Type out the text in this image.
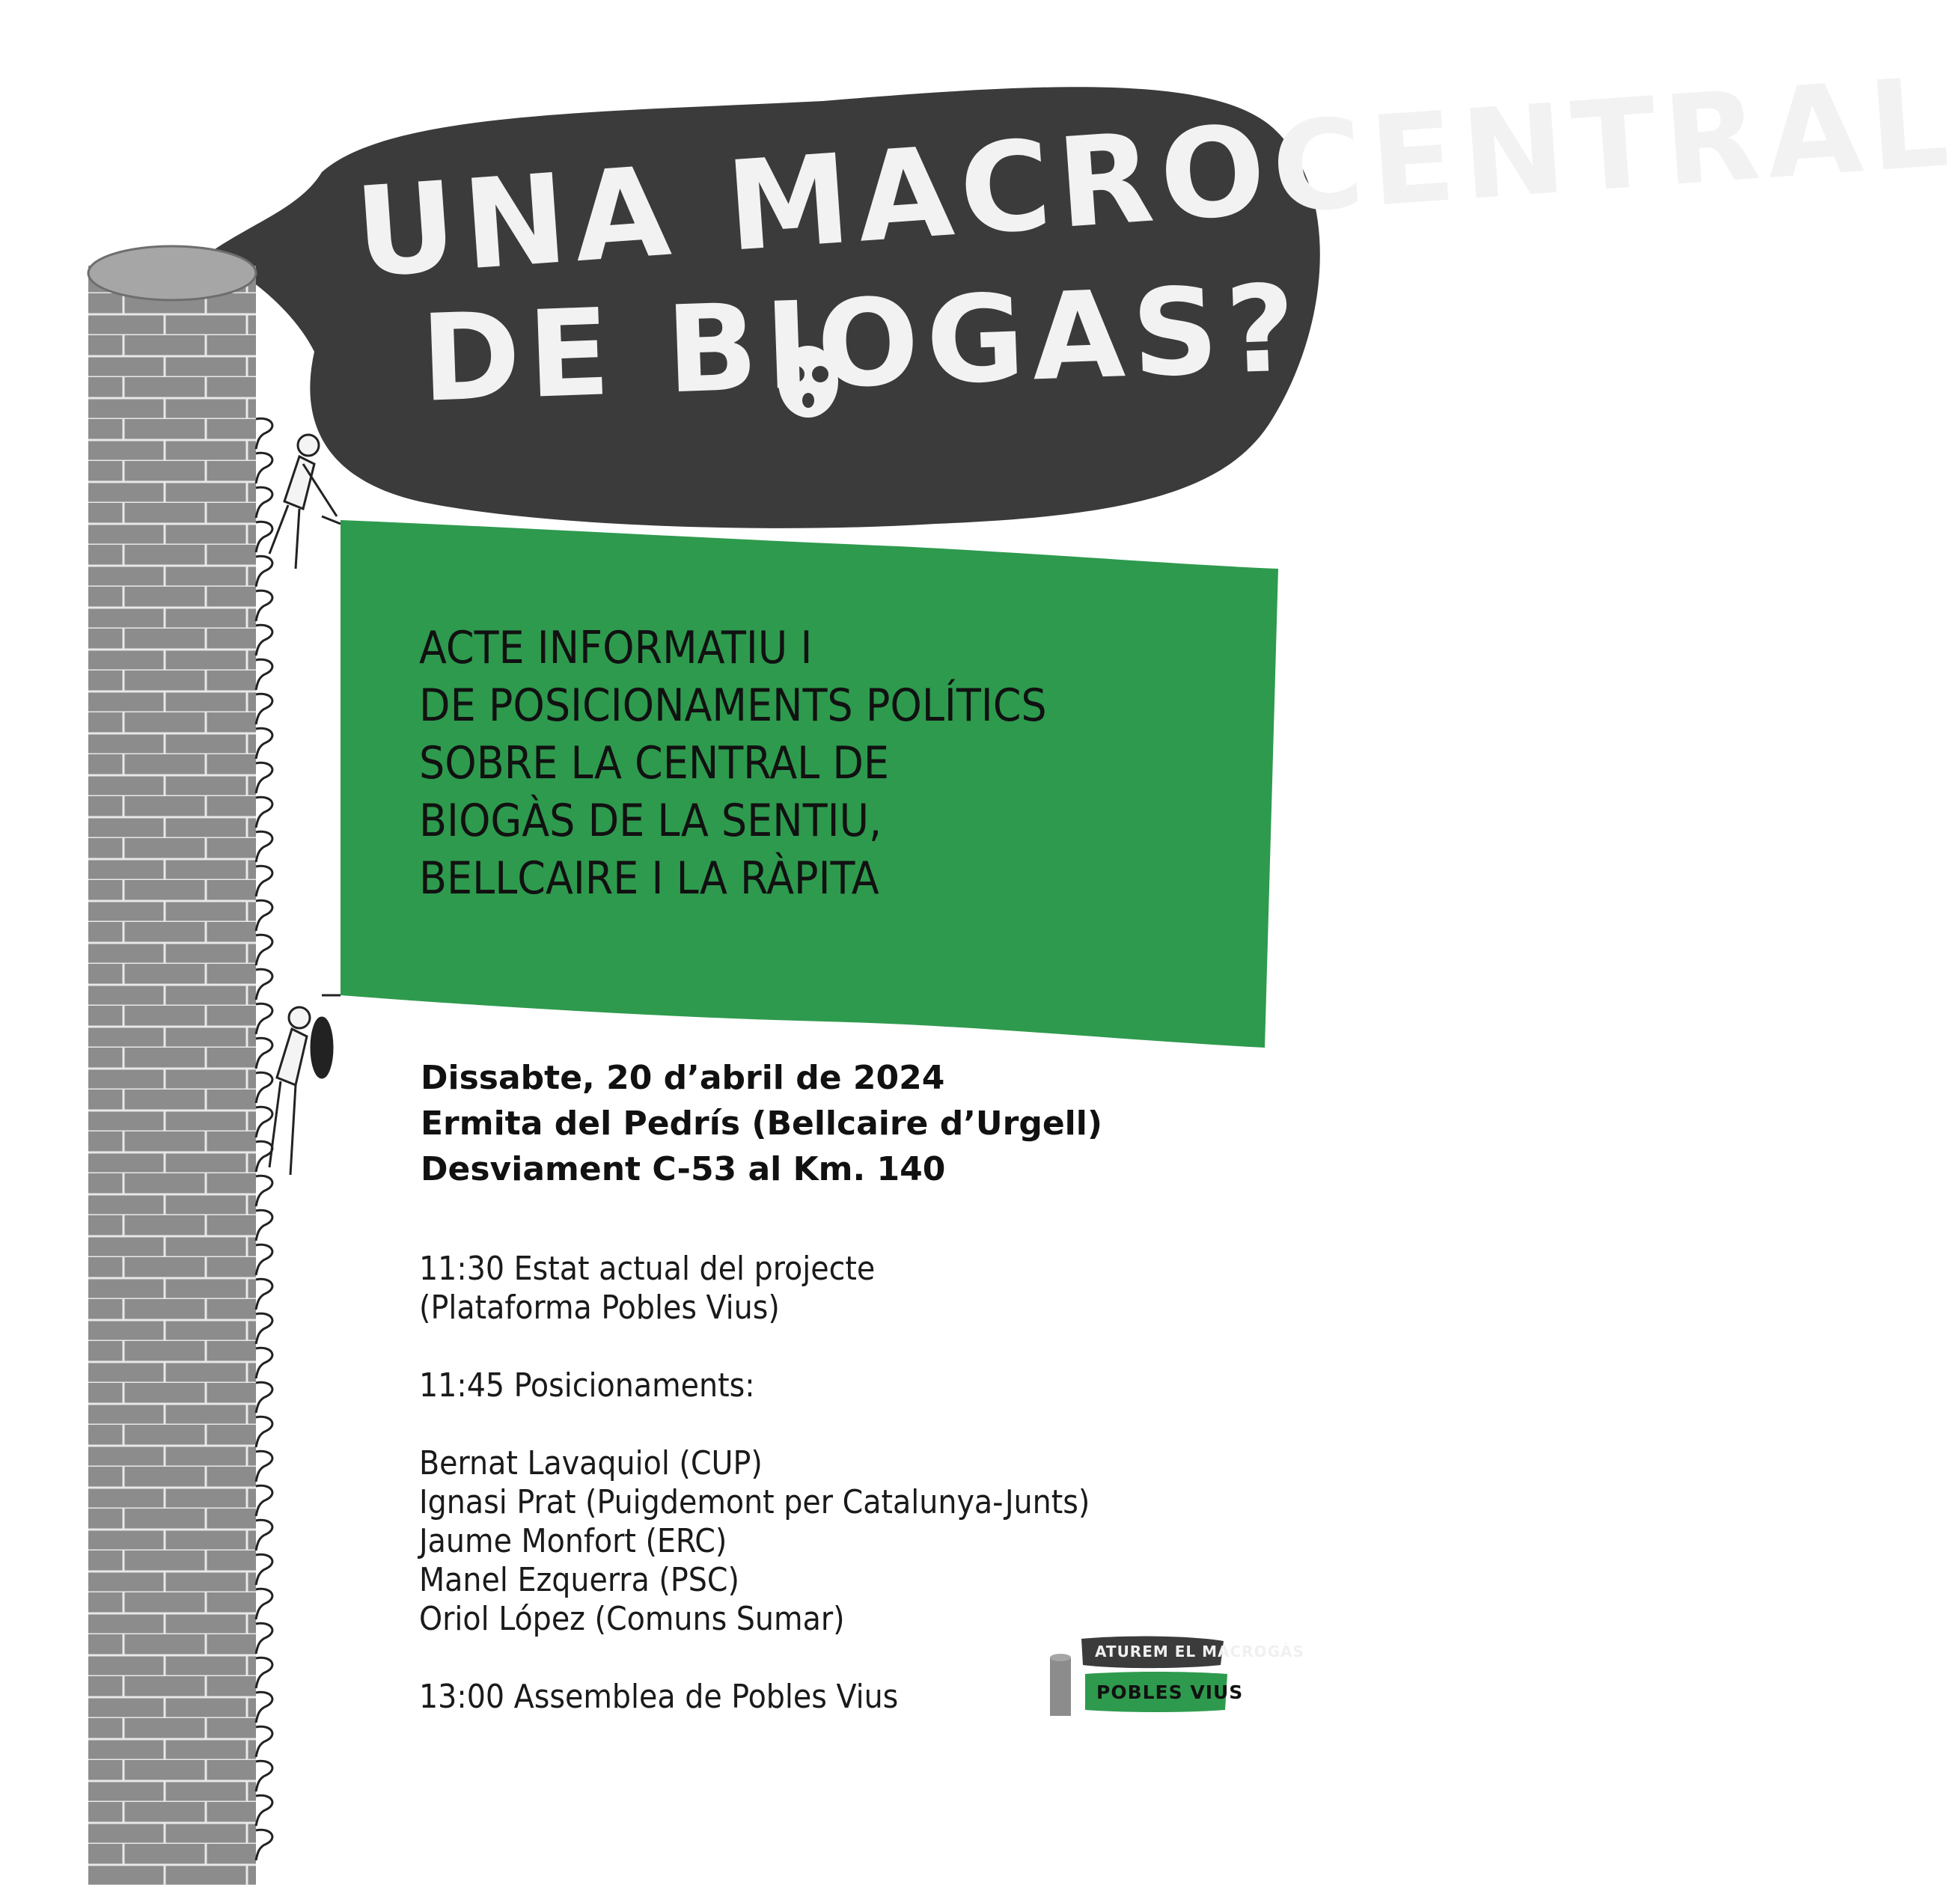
UNA MACROCENTRAL
DE BIOGAS?
ACTE INFORMATIU I
DE POSICIONAMENTS POLÍTICS
SOBRE LA CENTRAL DE
BIOGÀS DE LA SENTIU,
BELLCAIRE I LA RÀPITA
Dissabte, 20 d’abril de 2024
Ermita del Pedrís (Bellcaire d’Urgell)
Desviament C-53 al Km. 140
11:30 Estat actual del projecte
(Plataforma Pobles Vius)
11:45 Posicionaments:
Bernat Lavaquiol (CUP)
Ignasi Prat (Puigdemont per Catalunya-Junts)
Jaume Monfort (ERC)
Manel Ezquerra (PSC)
Oriol López (Comuns Sumar)
13:00 Assemblea de Pobles Vius
ATUREM EL MACROGÀS
POBLES VIUS
